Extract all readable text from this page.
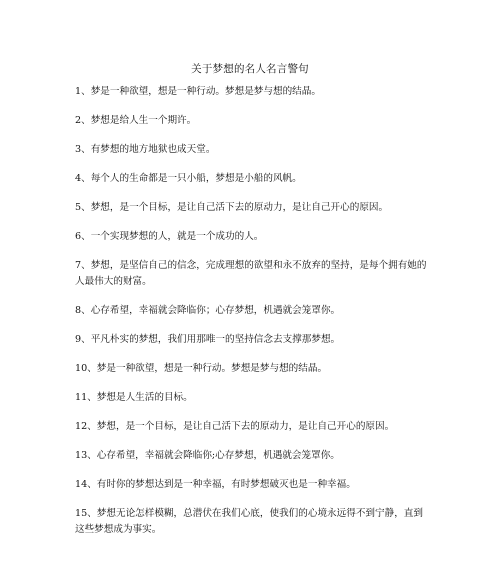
关于梦想的名人名言警句
1、梦是一种欲望，想是一种行动。梦想是梦与想的结晶。
2、梦想是给人生一个期许。
3、有梦想的地方地狱也成天堂。
4、每个人的生命都是一只小船，梦想是小船的风帆。
5、梦想，是一个目标，是让自己活下去的原动力，是让自己开心的原因。
6、一个实现梦想的人，就是一个成功的人。
7、梦想，是坚信自己的信念，完成理想的欲望和永不放弃的坚持，是每个拥有她的人最伟大的财富。
8、心存希望，幸福就会降临你；心存梦想，机遇就会笼罩你。
9、平凡朴实的梦想，我们用那唯一的坚持信念去支撑那梦想。
10、梦是一种欲望，想是一种行动。梦想是梦与想的结晶。
11、梦想是人生活的目标。
12、梦想，是一个目标，是让自己活下去的原动力，是让自己开心的原因。
13、心存希望，幸福就会降临你;心存梦想，机遇就会笼罩你。
14、有时你的梦想达到是一种幸福，有时梦想破灭也是一种幸福。
15、梦想无论怎样模糊，总潜伏在我们心底，使我们的心境永远得不到宁静，直到这些梦想成为事实。
